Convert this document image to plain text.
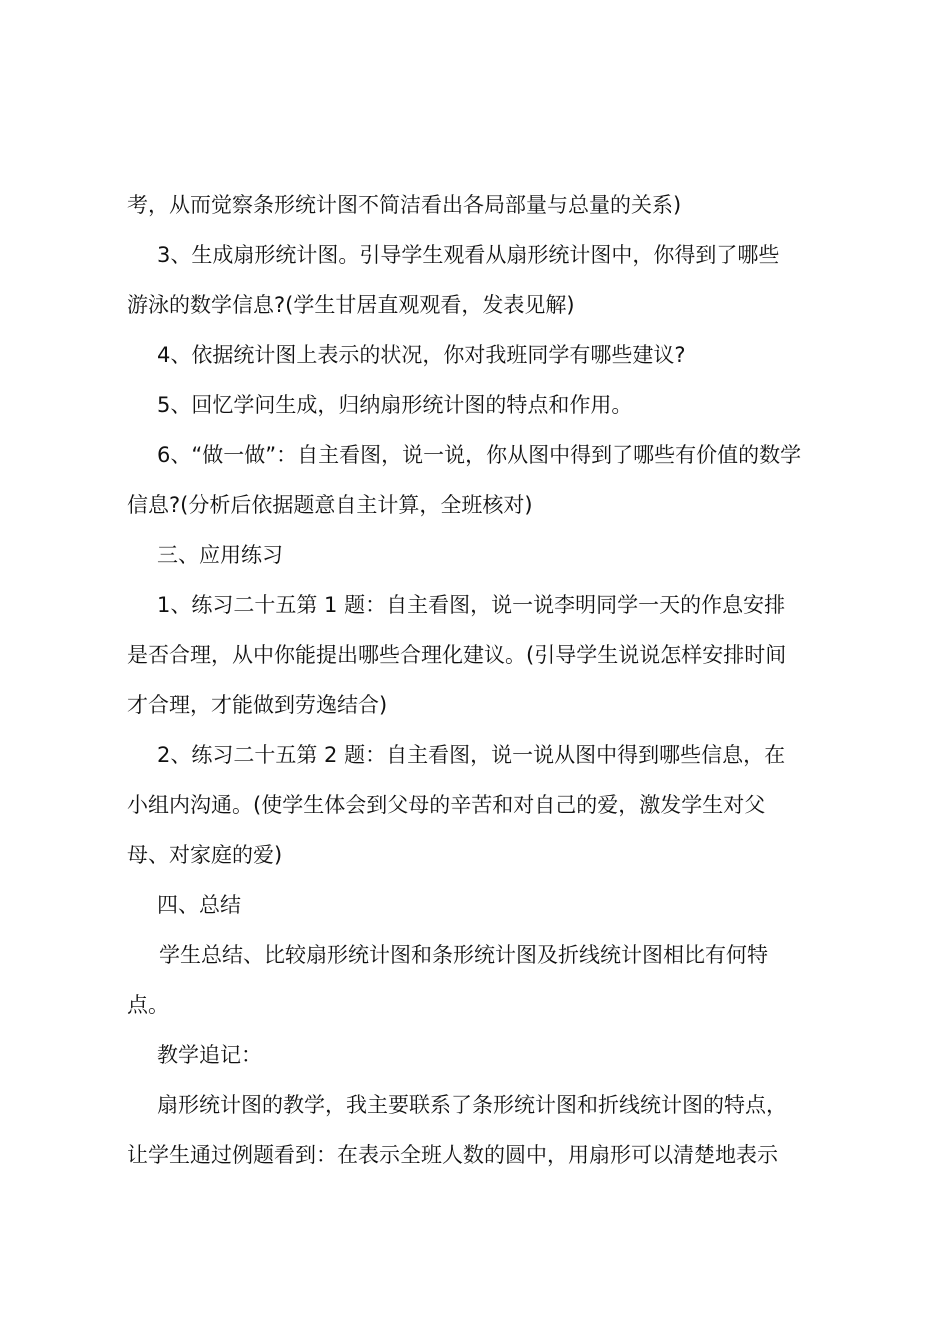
考，从而觉察条形统计图不简洁看出各局部量与总量的关系)
3、生成扇形统计图。引导学生观看从扇形统计图中，你得到了哪些
游泳的数学信息?(学生甘居直观观看，发表见解)
4、依据统计图上表示的状况，你对我班同学有哪些建议?
5、回忆学问生成，归纳扇形统计图的特点和作用。
6、“做一做”：自主看图，说一说，你从图中得到了哪些有价值的数学
信息?(分析后依据题意自主计算，全班核对)
三、应用练习
1、练习二十五第 1 题：自主看图，说一说李明同学一天的作息安排
是否合理，从中你能提出哪些合理化建议。(引导学生说说怎样安排时间
才合理，才能做到劳逸结合)
2、练习二十五第 2 题：自主看图，说一说从图中得到哪些信息，在
小组内沟通。(使学生体会到父母的辛苦和对自己的爱，激发学生对父
母、对家庭的爱)
四、总结
学生总结、比较扇形统计图和条形统计图及折线统计图相比有何特
点。
教学追记：
扇形统计图的教学，我主要联系了条形统计图和折线统计图的特点，
让学生通过例题看到：在表示全班人数的圆中，用扇形可以清楚地表示
